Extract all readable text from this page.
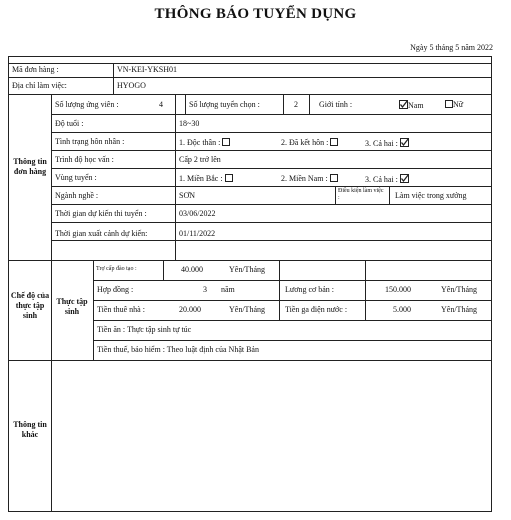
THÔNG BÁO TUYỂN DỤNG
Ngày 5 tháng 5 năm 2022
Mã đơn hàng :	VN-KEI-YKSH01
Địa chỉ làm việc:	HYOGO
Thông tin đơn hàng
Số lượng ứng viên :	4	Số lượng tuyển chọn :	2	Giới tính :	Nam	Nữ
Độ tuổi :	18~30
Tình trạng hôn nhân :	1. Độc thân :	2. Đã kết hôn :	3. Cả hai :
Trình độ học vấn :	Cấp 2 trở lên
Vùng tuyển :	1. Miền Bắc :	2. Miền Nam :	3. Cả hai :
Ngành nghề :	SƠN	Điều kiện làm việc :	Làm việc trong xưởng
Thời gian dự kiến thi tuyển :	03/06/2022
Thời gian xuất cảnh dự kiến:	01/11/2022
Chế độ của thực tập sinh
Thực tập sinh
Trợ cấp đào tạo :	40.000	Yên/Tháng
Hợp đồng :	3 năm	Lương cơ bản :	150.000	Yên/Tháng
Tiền thuê nhà :	20.000	Yên/Tháng	Tiền ga điện nước :	5.000	Yên/Tháng
Tiền ăn : Thực tập sinh tự túc
Tiền thuế, bảo hiểm : Theo luật định của Nhật Bản
Thông tin khác
